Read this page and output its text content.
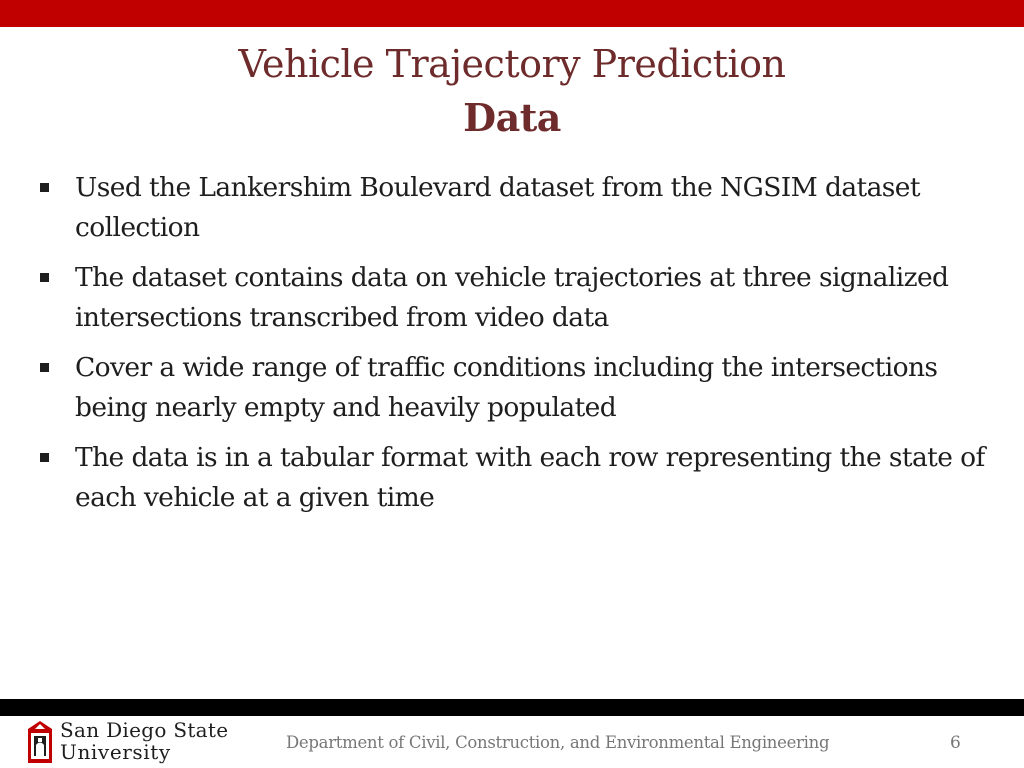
Vehicle Trajectory Prediction
Data
Used the Lankershim Boulevard dataset from the NGSIM dataset collection
The dataset contains data on vehicle trajectories at three signalized intersections transcribed from video data
Cover a wide range of traffic conditions including the intersections being nearly empty and heavily populated
The data is in a tabular format with each row representing the state of each vehicle at a given time
San Diego State
University	Department of Civil, Construction, and Environmental Engineering	6
